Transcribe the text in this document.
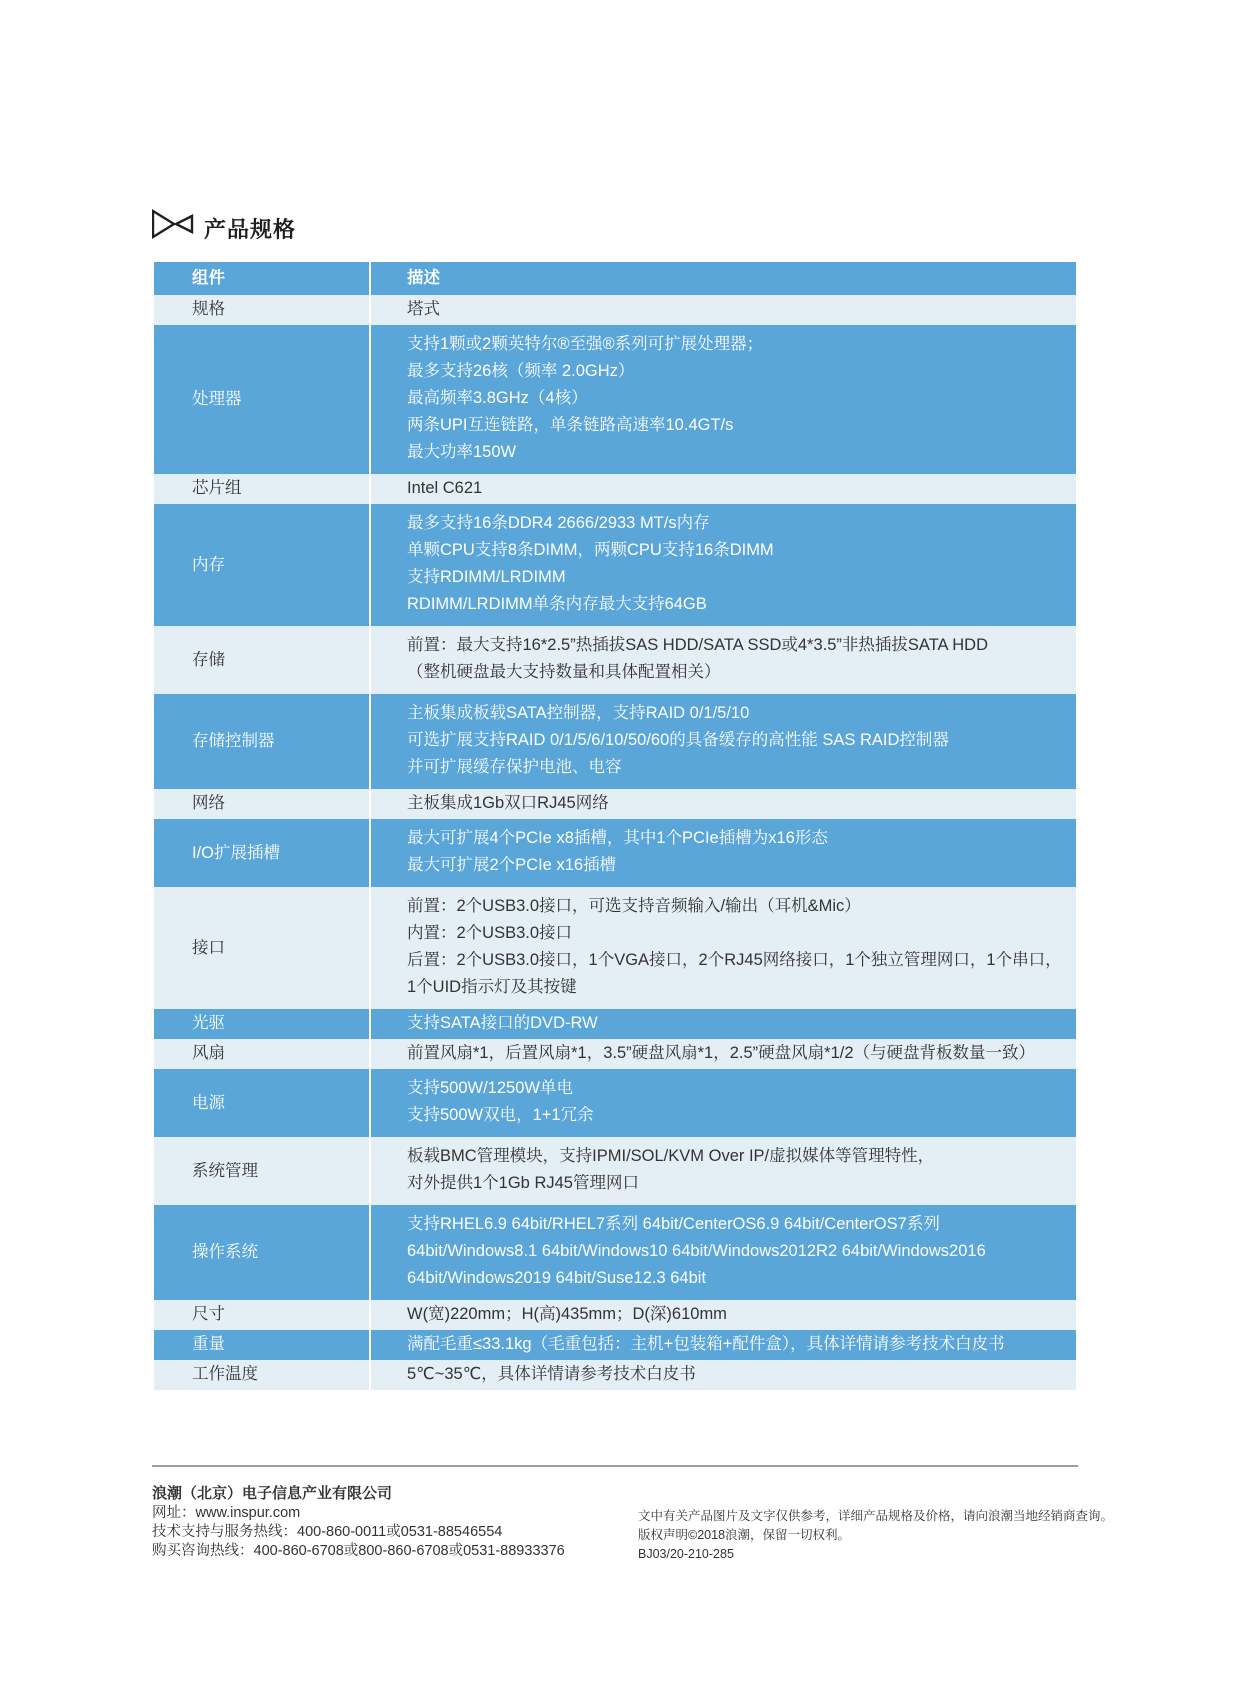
产品规格
组件	描述
规格	塔式

处理器	支持1颗或2颗英特尔®至强®系列可扩展处理器；
最多支持26核（频率 2.0GHz）
最高频率3.8GHz（4核）
两条UPI互连链路，单条链路高速率10.4GT/s
最大功率150W

芯片组	Intel C621

内存	最多支持16条DDR4 2666/2933 MT/s内存
单颗CPU支持8条DIMM，两颗CPU支持16条DIMM
支持RDIMM/LRDIMM
RDIMM/LRDIMM单条内存最大支持64GB

存储	前置：最大支持16*2.5”热插拔SAS HDD/SATA SSD或4*3.5”非热插拔SATA HDD
（整机硬盘最大支持数量和具体配置相关）

存储控制器	主板集成板载SATA控制器，支持RAID 0/1/5/10
可选扩展支持RAID 0/1/5/6/10/50/60的具备缓存的高性能 SAS RAID控制器
并可扩展缓存保护电池、电容

网络	主板集成1Gb双口RJ45网络

I/O扩展插槽	最大可扩展4个PCIe x8插槽，其中1个PCIe插槽为x16形态
最大可扩展2个PCIe x16插槽

接口	前置：2个USB3.0接口，可选支持音频输入/输出（耳机&Mic）
内置：2个USB3.0接口
后置：2个USB3.0接口，1个VGA接口，2个RJ45网络接口，1个独立管理网口，1个串口，
1个UID指示灯及其按键

光驱	支持SATA接口的DVD-RW

风扇	前置风扇*1，后置风扇*1，3.5”硬盘风扇*1，2.5”硬盘风扇*1/2（与硬盘背板数量一致）

电源	支持500W/1250W单电
支持500W双电，1+1冗余

系统管理	板载BMC管理模块，支持IPMI/SOL/KVM Over IP/虚拟媒体等管理特性，
对外提供1个1Gb RJ45管理网口

操作系统	支持RHEL6.9 64bit/RHEL7系列 64bit/CenterOS6.9 64bit/CenterOS7系列
64bit/Windows8.1 64bit/Windows10 64bit/Windows2012R2 64bit/Windows2016
64bit/Windows2019 64bit/Suse12.3 64bit

尺寸	W(宽)220mm；H(高)435mm；D(深)610mm

重量	满配毛重≤33.1kg（毛重包括：主机+包装箱+配件盒），具体详情请参考技术白皮书

工作温度	5℃~35℃，具体详情请参考技术白皮书
浪潮（北京）电子信息产业有限公司
网址：www.inspur.com
技术支持与服务热线：400-860-0011或0531-88546554
购买咨询热线：400-860-6708或800-860-6708或0531-88933376
文中有关产品图片及文字仅供参考，详细产品规格及价格，请向浪潮当地经销商查询。
版权声明©2018浪潮，保留一切权利。
BJ03/20-210-285
